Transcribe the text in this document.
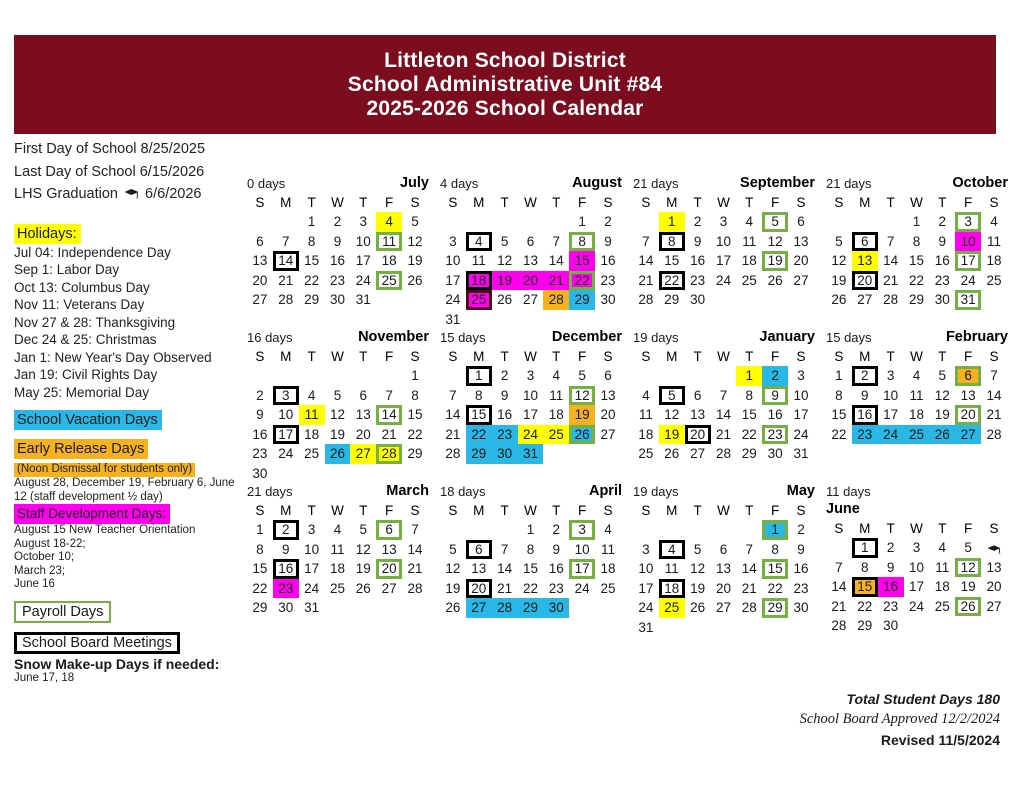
Littleton School District
School Administrative Unit #84
2025-2026 School Calendar
First Day of School 8/25/2025
Last Day of School 6/15/2026
LHS Graduation 6/6/2026
Holidays:
Jul 04: Independence Day
Sep 1: Labor Day
Oct 13: Columbus Day
Nov 11: Veterans Day
Nov 27 & 28: Thanksgiving
Dec 24 & 25: Christmas
Jan 1: New Year's Day Observed
Jan 19: Civil Rights Day
May 25: Memorial Day
School Vacation Days
Early Release Days
(Noon Dismissal for students only)
August 28, December 19, February 6, June 12 (staff development ½ day)
Staff Development Days:
August 15 New Teacher Orientation
August 18-22;
October 10;
March 23;
June 16
Payroll Days
School Board Meetings
Snow Make-up Days if needed:
June 17, 18
0 days	July
S	M	T	W	T	F	S

		1	2	3	4	5

6	7	8	9	10	11	12

13	14	15	16	17	18	19

20	21	22	23	24	25	26

27	28	29	30	31		

4 days	August
S	M	T	W	T	F	S

					1	2

3	4	5	6	7	8	9

10	11	12	13	14	15	16

17	18	19	20	21	22	23

24	25	26	27	28	29	30

31						

21 days	September
S	M	T	W	T	F	S

	1	2	3	4	5	6

7	8	9	10	11	12	13

14	15	16	17	18	19	20

21	22	23	24	25	26	27

28	29	30				

21 days	October
S	M	T	W	T	F	S

			1	2	3	4

5	6	7	8	9	10	11

12	13	14	15	16	17	18

19	20	21	22	23	24	25

26	27	28	29	30	31	

16 days	November
S	M	T	W	T	F	S

						1

2	3	4	5	6	7	8

9	10	11	12	13	14	15

16	17	18	19	20	21	22

23	24	25	26	27	28	29

30						

15 days	December
S	M	T	W	T	F	S

	1	2	3	4	5	6

7	8	9	10	11	12	13

14	15	16	17	18	19	20

21	22	23	24	25	26	27

28	29	30	31			

19 days	January
S	M	T	W	T	F	S

				1	2	3

4	5	6	7	8	9	10

11	12	13	14	15	16	17

18	19	20	21	22	23	24

25	26	27	28	29	30	31
15 days	February
S	M	T	W	T	F	S

1	2	3	4	5	6	7

8	9	10	11	12	13	14

15	16	17	18	19	20	21

22	23	24	25	26	27	28
21 days	March
S	M	T	W	T	F	S

1	2	3	4	5	6	7

8	9	10	11	12	13	14

15	16	17	18	19	20	21

22	23	24	25	26	27	28

29	30	31				

18 days	April
S	M	T	W	T	F	S

			1	2	3	4

5	6	7	8	9	10	11

12	13	14	15	16	17	18

19	20	21	22	23	24	25

26	27	28	29	30		

19 days	May
S	M	T	W	T	F	S

					1	2

3	4	5	6	7	8	9

10	11	12	13	14	15	16

17	18	19	20	21	22	23

24	25	26	27	28	29	30

31						

11 days
June
S	M	T	W	T	F	S

	1	2	3	4	5

7	8	9	10	11	12	13

14	15	16	17	18	19	20

21	22	23	24	25	26	27

28	29	30				

Total Student Days 180
School Board Approved 12/2/2024
Revised 11/5/2024
